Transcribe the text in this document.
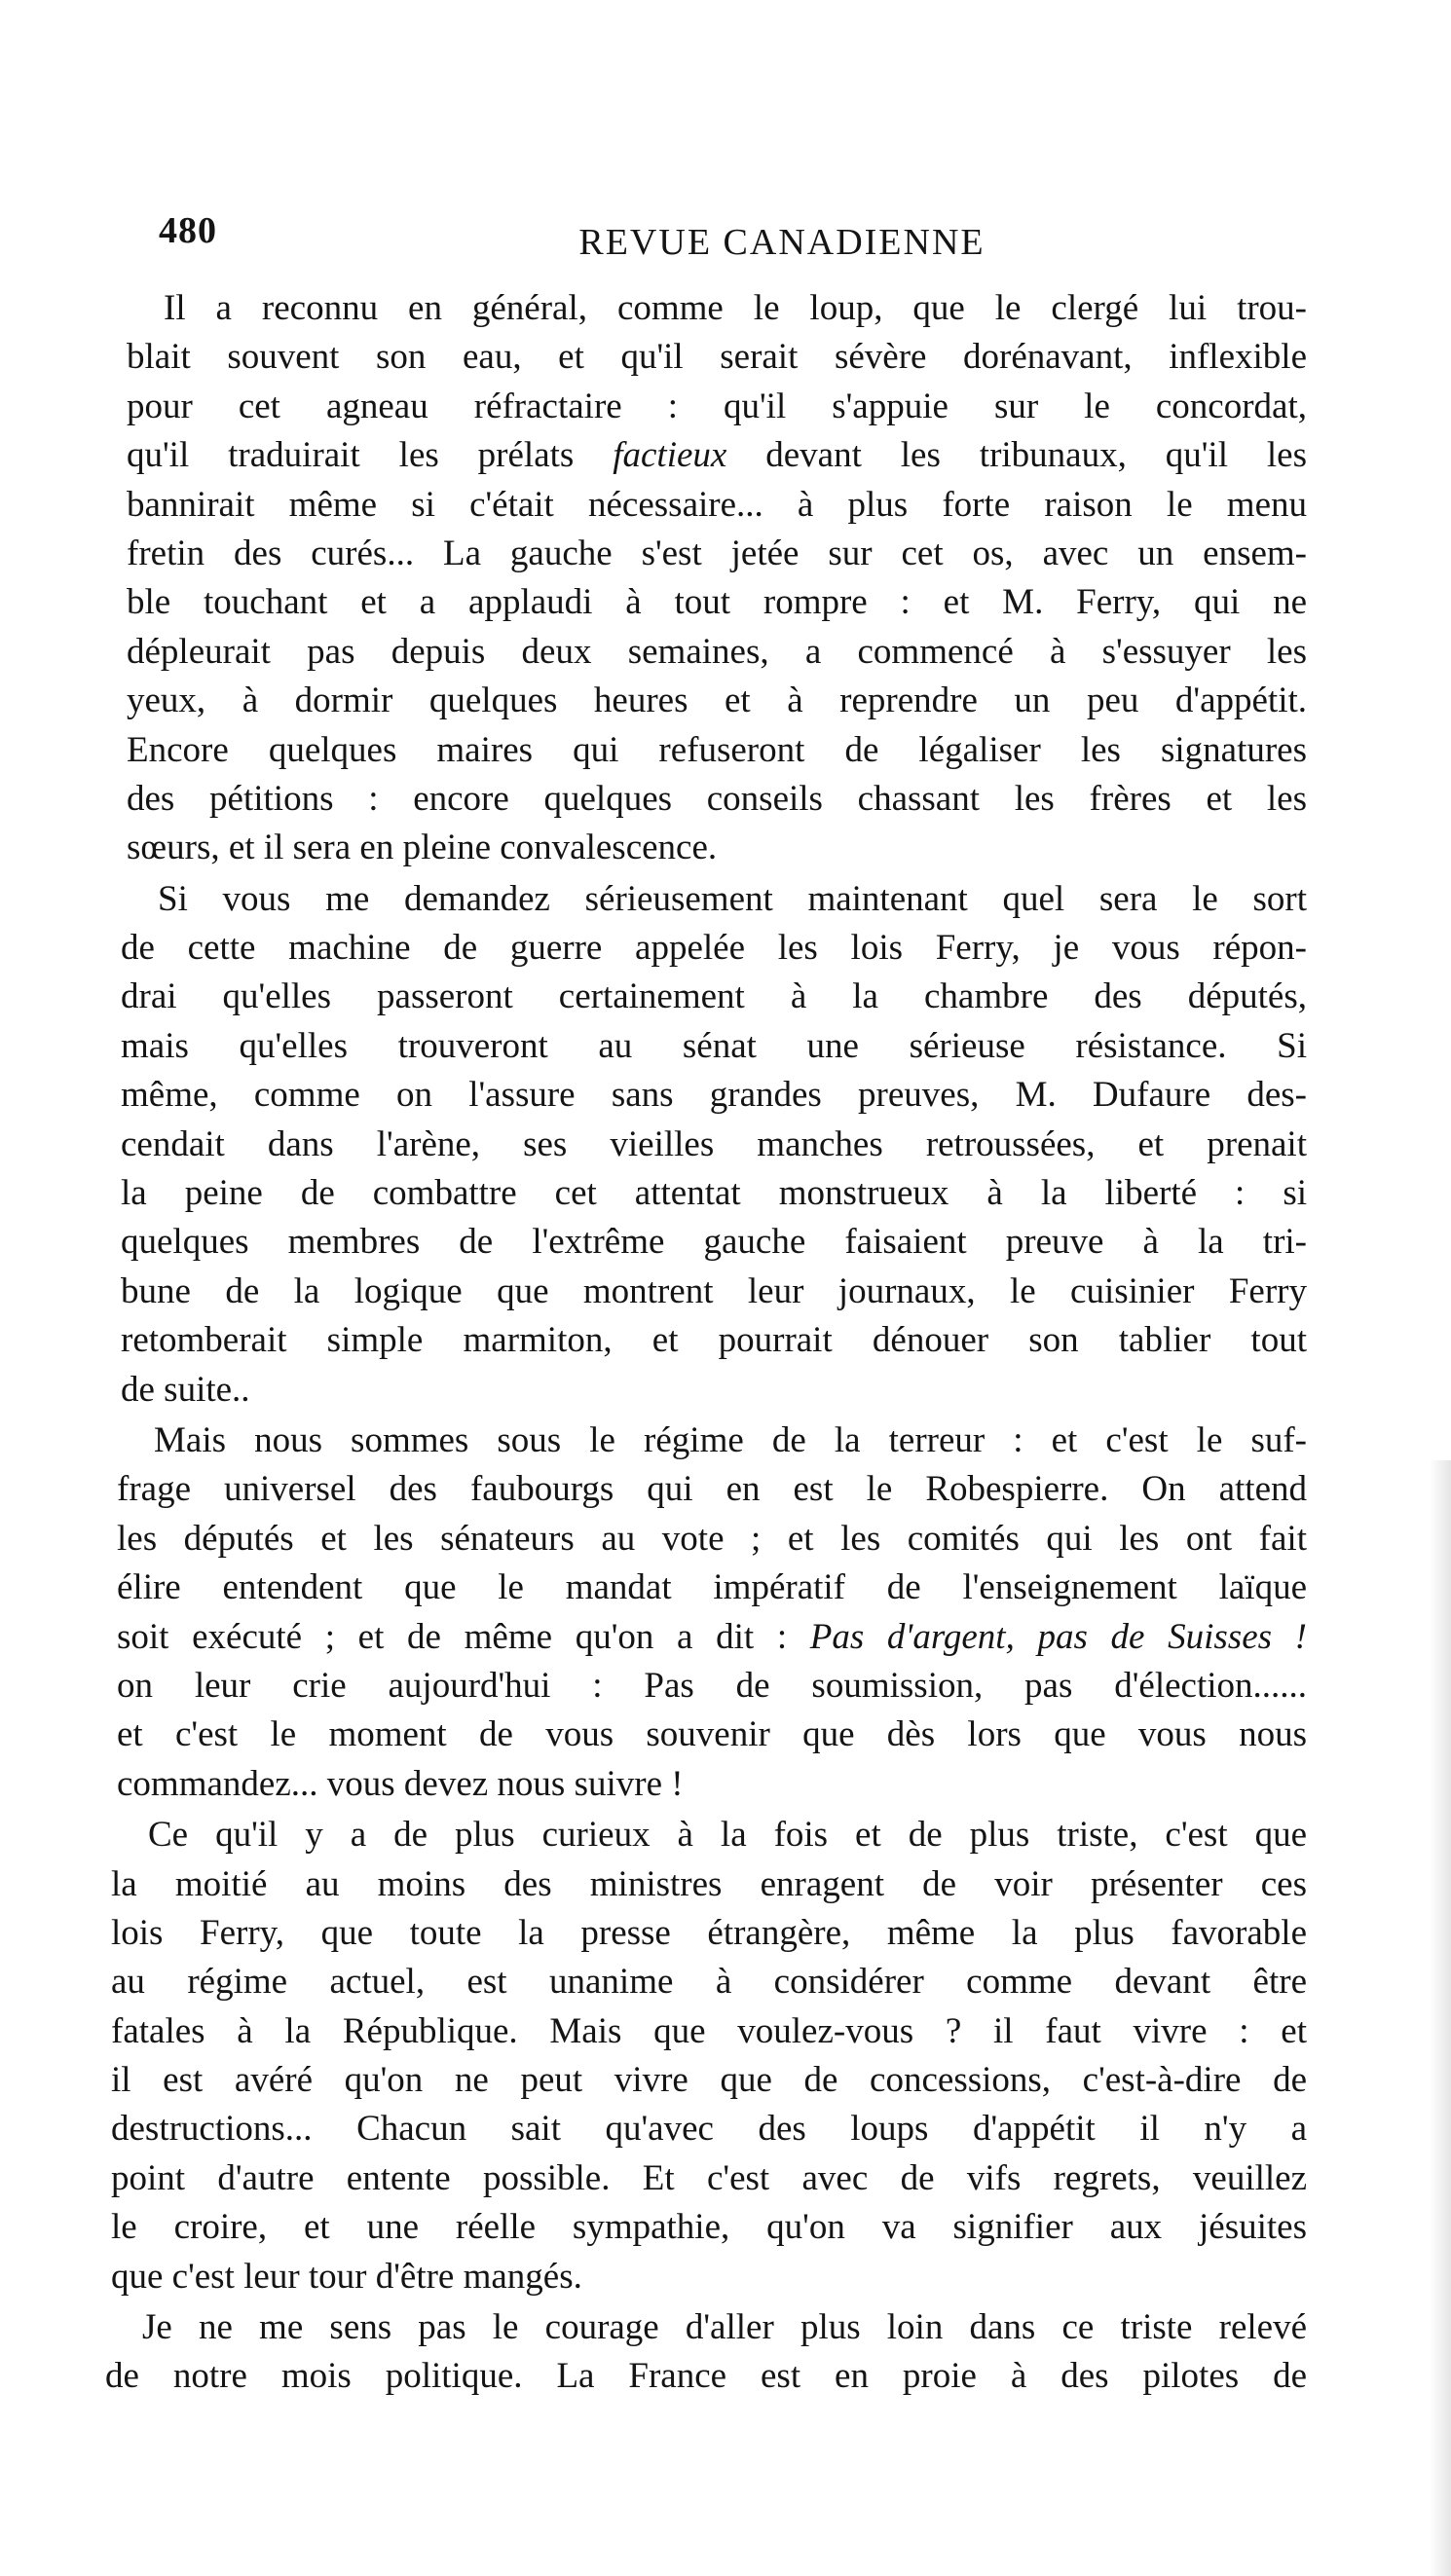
480	REVUE CANADIENNE
Il a reconnu en général, comme le loup, que le clergé lui trou-
blait souvent son eau, et qu'il serait sévère dorénavant, inflexible
pour cet agneau réfractaire : qu'il s'appuie sur le concordat,
qu'il traduirait les prélats factieux devant les tribunaux, qu'il les
bannirait même si c'était nécessaire... à plus forte raison le menu
fretin des curés... La gauche s'est jetée sur cet os, avec un ensem-
ble touchant et a applaudi à tout rompre : et M. Ferry, qui ne
dépleurait pas depuis deux semaines, a commencé à s'essuyer les
yeux, à dormir quelques heures et à reprendre un peu d'appétit.
Encore quelques maires qui refuseront de légaliser les signatures
des pétitions : encore quelques conseils chassant les frères et les
sœurs, et il sera en pleine convalescence.
Si vous me demandez sérieusement maintenant quel sera le sort
de cette machine de guerre appelée les lois Ferry, je vous répon-
drai qu'elles passeront certainement à la chambre des députés,
mais qu'elles trouveront au sénat une sérieuse résistance. Si
même, comme on l'assure sans grandes preuves, M. Dufaure des-
cendait dans l'arène, ses vieilles manches retroussées, et prenait
la peine de combattre cet attentat monstrueux à la liberté : si
quelques membres de l'extrême gauche faisaient preuve à la tri-
bune de la logique que montrent leur journaux, le cuisinier Ferry
retomberait simple marmiton, et pourrait dénouer son tablier tout
de suite..
Mais nous sommes sous le régime de la terreur : et c'est le suf-
frage universel des faubourgs qui en est le Robespierre. On attend
les députés et les sénateurs au vote ; et les comités qui les ont fait
élire entendent que le mandat impératif de l'enseignement laïque
soit exécuté ; et de même qu'on a dit : Pas d'argent, pas de Suisses !
on leur crie aujourd'hui : Pas de soumission, pas d'élection......
et c'est le moment de vous souvenir que dès lors que vous nous
commandez... vous devez nous suivre !
Ce qu'il y a de plus curieux à la fois et de plus triste, c'est que
la moitié au moins des ministres enragent de voir présenter ces
lois Ferry, que toute la presse étrangère, même la plus favorable
au régime actuel, est unanime à considérer comme devant être
fatales à la République. Mais que voulez-vous ? il faut vivre : et
il est avéré qu'on ne peut vivre que de concessions, c'est-à-dire de
destructions... Chacun sait qu'avec des loups d'appétit il n'y a
point d'autre entente possible. Et c'est avec de vifs regrets, veuillez
le croire, et une réelle sympathie, qu'on va signifier aux jésuites
que c'est leur tour d'être mangés.
Je ne me sens pas le courage d'aller plus loin dans ce triste relevé
de notre mois politique. La France est en proie à des pilotes de
